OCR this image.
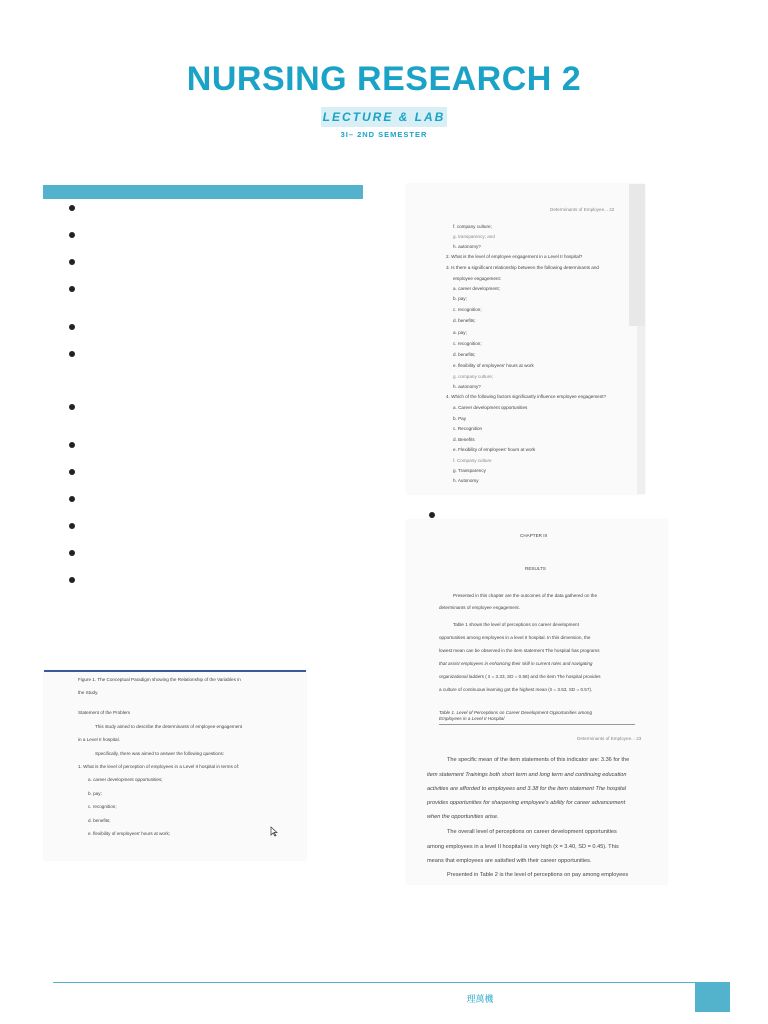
NURSING RESEARCH 2
LECTURE & LAB
3I– 2ND SEMESTER
Determinants of Employee... 22
f. company culture;
g. transparency; and
h. autonomy?
2. What is the level of employee engagement in a Level II hospital?
3. Is there a significant relationship between the following determinants and
employee engagement:
a. career development;
b. pay;
c. recognition;
d. benefits;
a. pay;
c. recognition;
d. benefits;
e. flexibility of employees' hours at work
g. company culture;
h. autonomy?
4. Which of the following factors significantly influence employee engagement?
a. Career development opportunities
b. Pay
c. Recognition
d. Benefits
e. Flexibility of employees' hours at work
f. Company culture
g. Transparency
h. Autonomy
CHAPTER III
RESULTS
Presented in this chapter are the outcomes of the data gathered on the
determinants of employee engagement.
Table 1 shows the level of perceptions on career development
opportunities among employees in a level II hospital. In this dimension, the
lowest mean can be observed in the item statement The hospital has programs
that assist employees in enhancing their skill in current roles and navigating
organizational ladders ( x̄ = 3.33, SD = 0.58) and the item The hospital provides
a culture of continuous learning got the highest mean (x̄ = 3.53, SD = 0.57).
Table 1. Level of Perceptions on Career Development Opportunities among
Employees in a Level II Hospital
Determinants of Employee... 23
The specific mean of the item statements of this indicator are: 3.36 for the
item statement Trainings both short term and long term and continuing education
activities are afforded to employees and 3.38 for the item statement The hospital
provides opportunities for sharpening employee's ability for career advancement
when the opportunities arise.
The overall level of perceptions on career development opportunities
among employees in a level II hospital is very high (x̄ = 3.40, SD = 0.45). This
means that employees are satisfied with their career opportunities.
Presented in Table 2 is the level of perceptions on pay among employees
Figure 1. The Conceptual Paradigm showing the Relationship of the Variables in
the Study.
Statement of the Problem
This study aimed to describe the determinants of employee engagement
in a Level II hospital.
Specifically, there was aimed to answer the following questions:
1. What is the level of perception of employees in a Level II hospital in terms of:
a. career development opportunities;
b. pay;
c. recognition;
d. benefits;
e. flexibility of employees' hours at work;
理萬機
